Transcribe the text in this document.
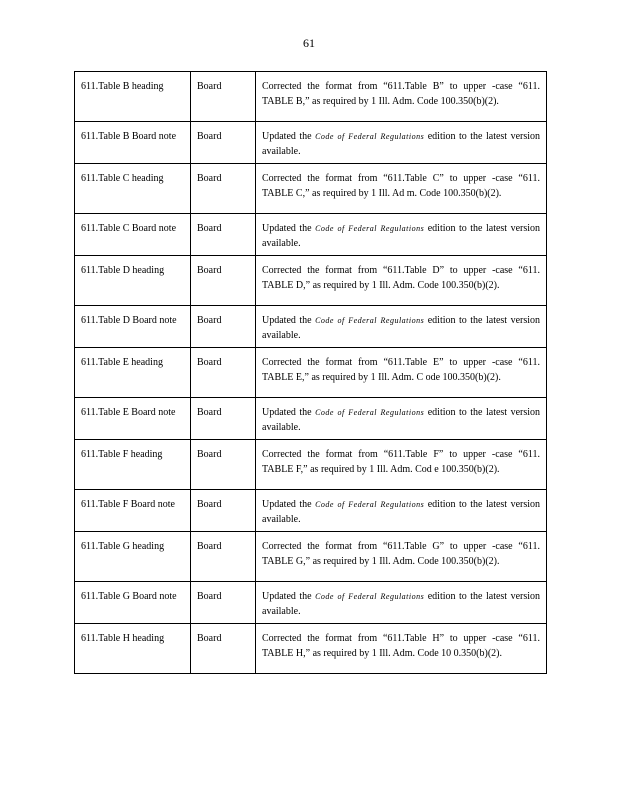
61
611.Table B heading	Board	Corrected the format from “611.Table B” to upper -case “611. TABLE B,” as required by 1 Ill. Adm. Code 100.350(b)(2).
611.Table B Board note	Board	Updated the Code of Federal Regulations edition to the latest version available.
611.Table C heading	Board	Corrected the format from “611.Table C” to upper -case “611. TABLE C,” as required by 1 Ill. Ad m. Code 100.350(b)(2).
611.Table C Board note	Board	Updated the Code of Federal Regulations edition to the latest version available.
611.Table D heading	Board	Corrected the format from “611.Table D” to upper -case “611. TABLE D,” as required by 1 Ill. Adm. Code 100.350(b)(2).
611.Table D Board note	Board	Updated the Code of Federal Regulations edition to the latest version available.
611.Table E heading	Board	Corrected the format from “611.Table E” to upper -case “611. TABLE E,” as required by 1 Ill. Adm. C ode 100.350(b)(2).
611.Table E Board note	Board	Updated the Code of Federal Regulations edition to the latest version available.
611.Table F heading	Board	Corrected the format from “611.Table F” to upper -case “611. TABLE F,” as required by 1 Ill. Adm. Cod e 100.350(b)(2).
611.Table F Board note	Board	Updated the Code of Federal Regulations edition to the latest version available.
611.Table G heading	Board	Corrected the format from “611.Table G” to upper -case “611. TABLE G,” as required by 1 Ill. Adm. Code 100.350(b)(2).
611.Table G Board note	Board	Updated the Code of Federal Regulations edition to the latest version available.
611.Table H heading	Board	Corrected the format from “611.Table H” to upper -case “611. TABLE H,” as required by 1 Ill. Adm. Code 10 0.350(b)(2).
